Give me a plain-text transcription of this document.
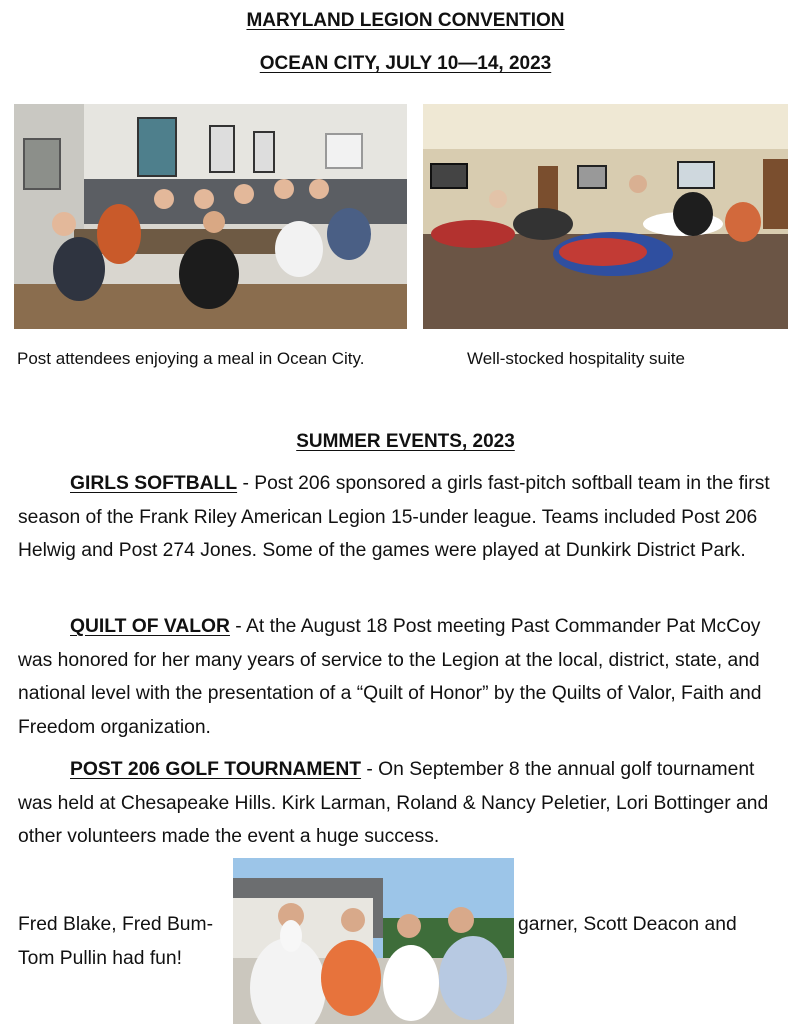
MARYLAND LEGION CONVENTION
OCEAN CITY, JULY 10—14, 2023
Post attendees enjoying a meal in Ocean City.	Well-stocked hospitality suite
SUMMER EVENTS, 2023

GIRLS SOFTBALL - Post 206 sponsored a girls fast-pitch softball team in the first season of the Frank Riley American Legion 15-under league. Teams included Post 206 Helwig and Post 274 Jones. Some of the games were played at Dunkirk District Park.

QUILT OF VALOR - At the August 18 Post meeting Past Commander Pat McCoy was honored for her many years of service to the Legion at the local, district, state, and national level with the presentation of a “Quilt of Honor” by the Quilts of Valor, Faith and Freedom organization.

POST 206 GOLF TOURNAMENT - On September 8 the annual golf tournament was held at Chesapeake Hills. Kirk Larman, Roland & Nancy Peletier, Lori Bottinger and other volunteers made the event a huge success.

Fred Blake, Fred Bum- Tom Pullin had fun!
garner, Scott Deacon and
